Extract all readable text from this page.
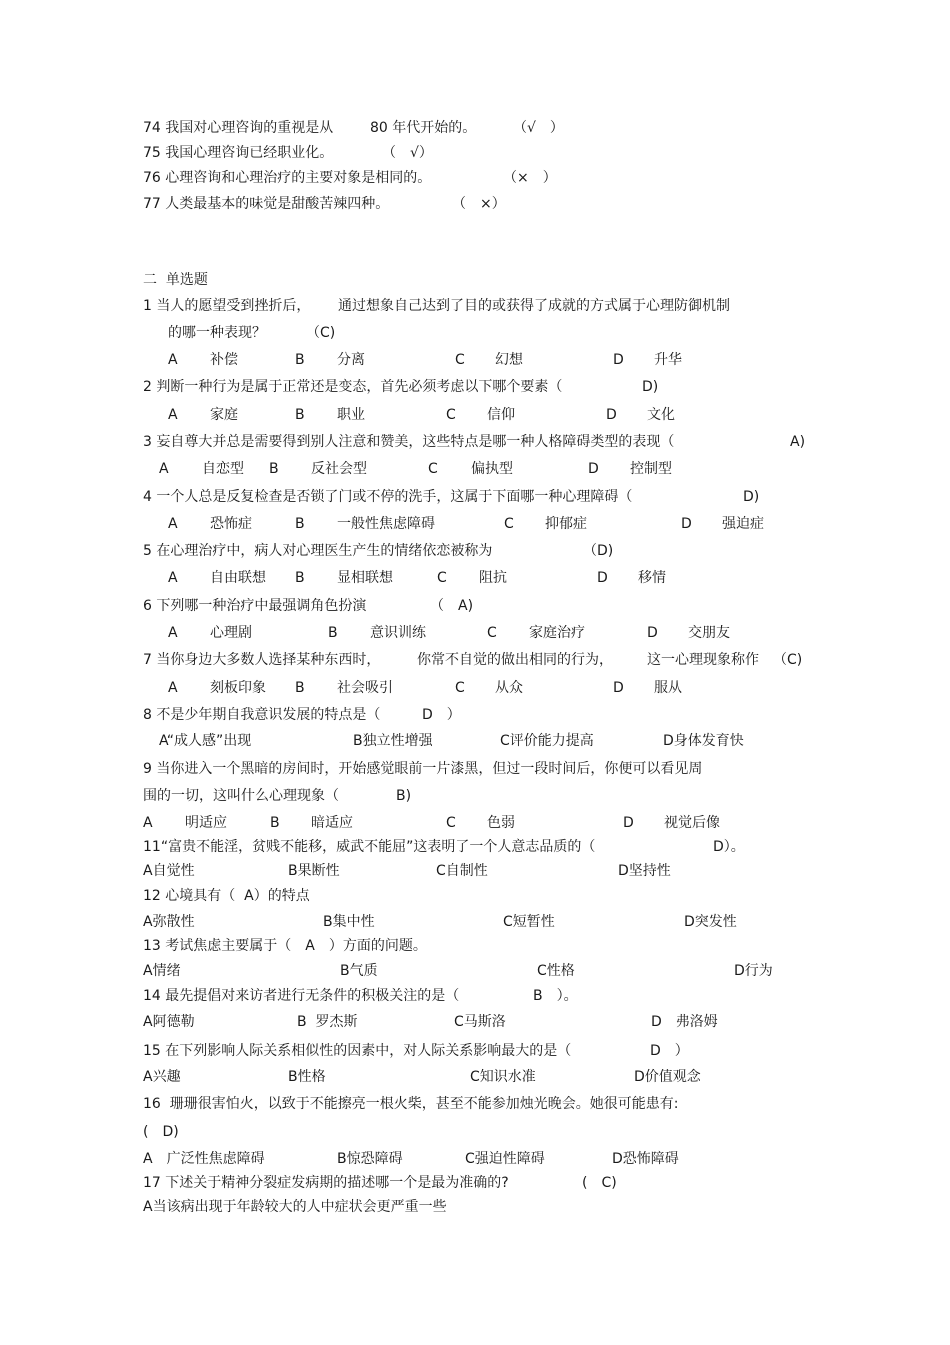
74 我国对心理咨询的重视是从	80 年代开始的。	（√　）
75 我国心理咨询已经职业化。	（　√）
76 心理咨询和心理治疗的主要对象是相同的。	（×　）
77 人类最基本的味觉是甜酸苦辣四种。	（　×）
二  单选题
1 当人的愿望受到挫折后， 通过想象自己达到了目的或获得了成就的方式属于心理防御机制
的哪一种表现？	（C)
A 补偿	B 分离	C 幻想	D 升华
2 判断一种行为是属于正常还是变态，首先必须考虑以下哪个要素（	D)
A 家庭	B 职业	C 信仰	D 文化
3 妄自尊大并总是需要得到别人注意和赞美，这些特点是哪一种人格障碍类型的表现（	A)
A 自恋型 B 反社会型	C 偏执型	D 控制型
4 一个人总是反复检查是否锁了门或不停的洗手，这属于下面哪一种心理障碍（	D)
A 恐怖症	B 一般性焦虑障碍	C 抑郁症	D 强迫症
5 在心理治疗中，病人对心理医生产生的情绪依恋被称为	（D)
A 自由联想 B 显相联想	C 阻抗	D 移情
6 下列哪一种治疗中最强调角色扮演	（　A)
A 心理剧	B 意识训练	C 家庭治疗	D 交朋友
7 当你身边大多数人选择某种东西时，	你常不自觉的做出相同的行为， 这一心理现象称作 （C)
A 刻板印象 B 社会吸引	C 从众	D 服从
8 不是少年期自我意识发展的特点是（	D　）
A“成人感”出现	B独立性增强	C评价能力提高	D身体发育快
9 当你进入一个黑暗的房间时，开始感觉眼前一片漆黑，但过一段时间后，你便可以看见周
围的一切，这叫什么心理现象（	B)
A 明适应	B 暗适应	C 色弱	D 视觉后像
11“富贵不能淫，贫贱不能移，威武不能屈”这表明了一个人意志品质的（	D）。
A自觉性	B果断性	C自制性	D坚持性
12 心境具有（  A）的特点
A弥散性	B集中性	C短暂性	D突发性
13 考试焦虑主要属于（　A　）方面的问题。
A情绪	B气质	C性格	D行为
14 最先提倡对来访者进行无条件的积极关注的是（	B　）。
A阿德勒	B  罗杰斯	C马斯洛	D　弗洛姆
15 在下列影响人际关系相似性的因素中，对人际关系影响最大的是（	D　）
A兴趣	B性格	C知识水准	D价值观念
16  珊珊很害怕火，以致于不能擦亮一根火柴，甚至不能参加烛光晚会。她很可能患有:
(　D)
A　广泛性焦虑障碍	B惊恐障碍	C强迫性障碍	D恐怖障碍
17 下述关于精神分裂症发病期的描述哪一个是最为准确的?	(　C)
A当该病出现于年龄较大的人中症状会更严重一些
